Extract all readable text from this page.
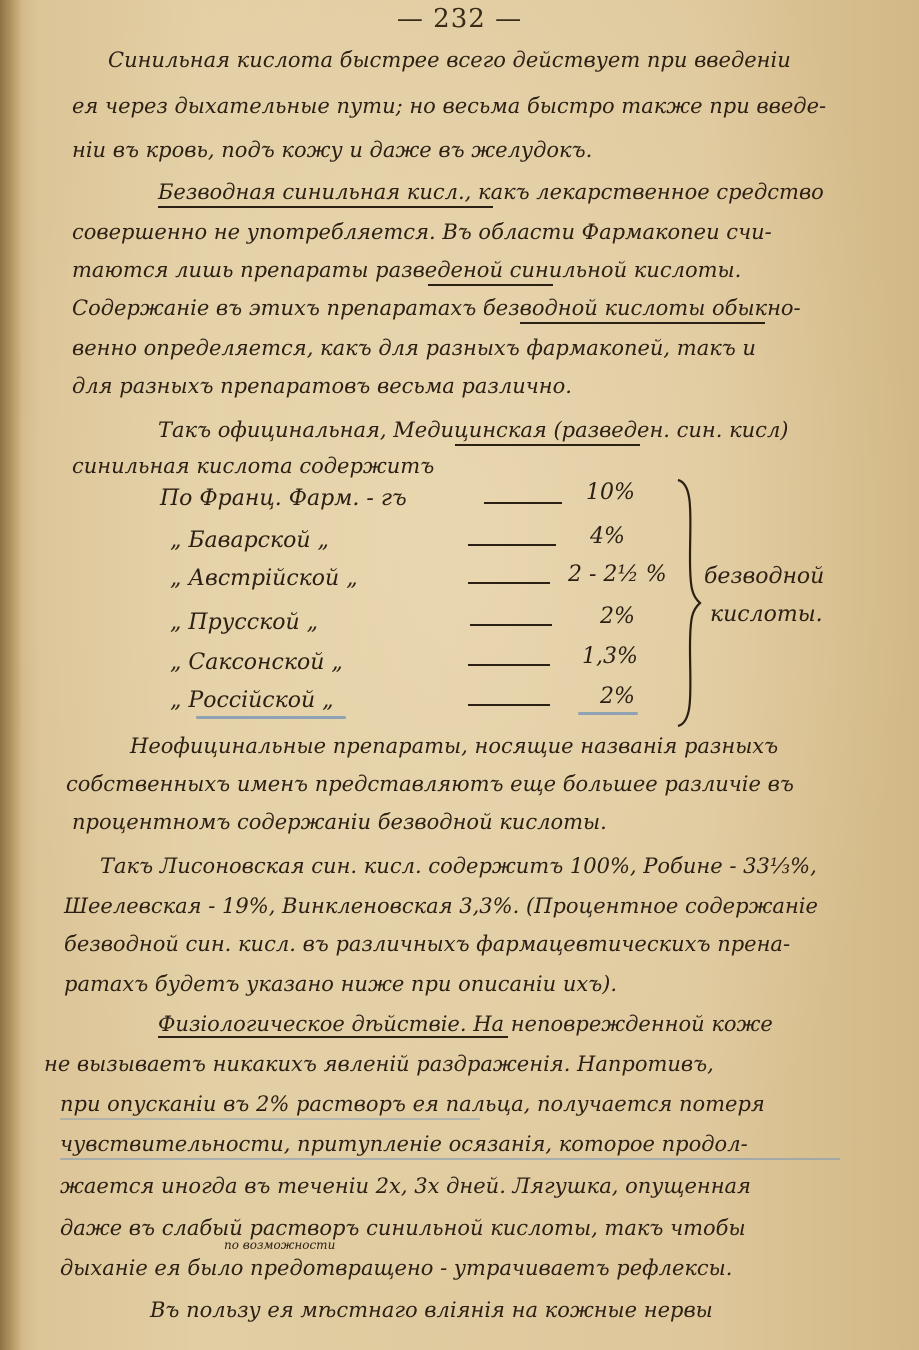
— 232 —
Синильная кислота быстрее всего действует при введеніи
ея через дыхательные пути; но весьма быстро также при введе-
ніи въ кровь, подъ кожу и даже въ желудокъ.
Безводная синильная кисл., какъ лекарственное средство
совершенно не употребляется. Въ области Фармакопеи счи-
таются лишь препараты разведеной синильной кислоты.
Содержаніе въ этихъ препаратахъ безводной кислоты обыкно-
венно определяется, какъ для разныхъ фармакопей, такъ и
для разныхъ препаратовъ весьма различно.
Такъ официнальная, Медицинская (разведен. син. кисл)
синильная кислота содержитъ
По Франц. Фарм. - гъ	10%
„ Баварской „	4%
„ Австрійской „	2 - 2½ %
„ Прусской „	2%
„ Саксонской „	1,3%
„ Россійской „	2%
безводной
кислоты.
Неофицинальные препараты, носящие названія разныхъ
собственныхъ именъ представляютъ еще большее различіе въ
процентномъ содержаніи безводной кислоты.
Такъ Лисоновская син. кисл. содержитъ 100%, Робине - 33⅓%,
Шеелевская - 19%, Винкленовская 3,3%. (Процентное содержаніе
безводной син. кисл. въ различныхъ фармацевтическихъ прена-
ратахъ будетъ указано ниже при описаніи ихъ).
Физіологическое дѣйствіе. На неповрежденной коже
не вызываетъ никакихъ явленій раздраженія. Напротивъ,
при опусканіи въ 2% растворъ ея пальца, получается потеря
чувствительности, притупленіе осязанія, которое продол-
жается иногда въ теченіи 2х, 3х дней. Лягушка, опущенная
даже въ слабый растворъ синильной кислоты, такъ чтобы
дыханіе ея было предотвращено - утрачиваетъ рефлексы.
Въ пользу ея мѣстнаго вліянія на кожные нервы
по возможности
